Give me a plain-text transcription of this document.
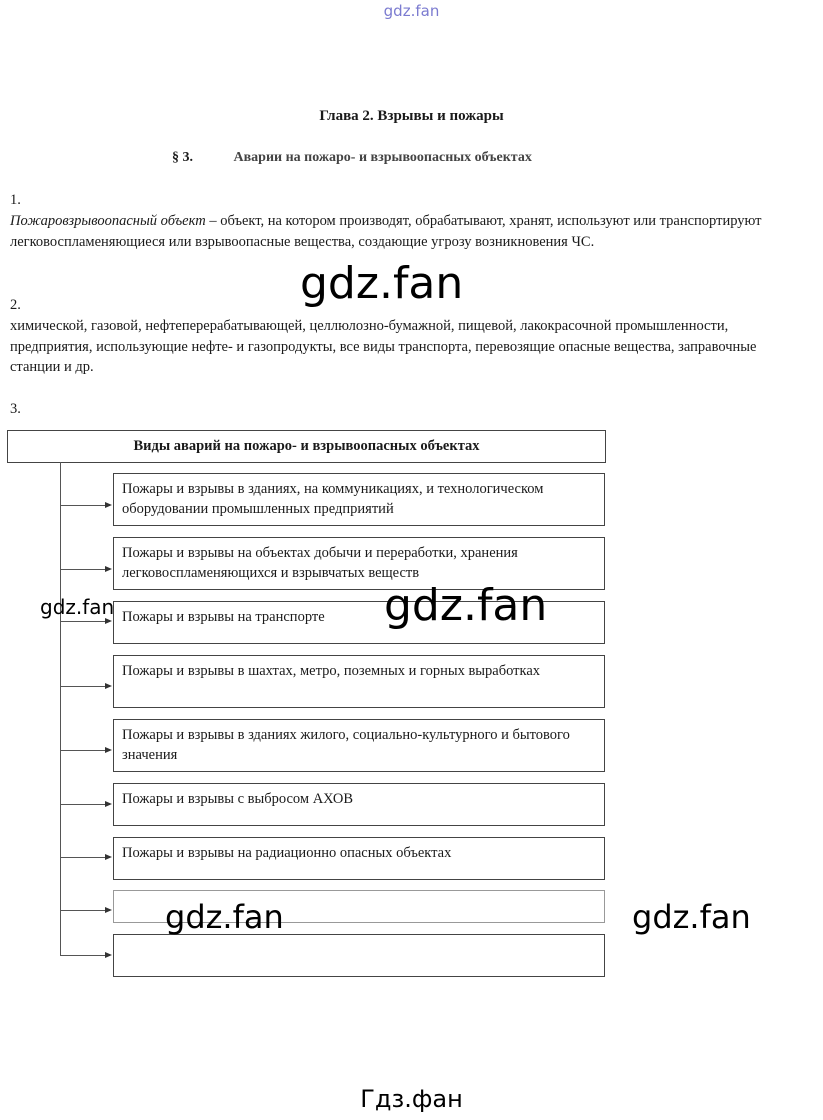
gdz.fan
Глава 2. Взрывы и пожары
§ 3.	Аварии на пожаро- и взрывоопасных объектах
1.
Пожаровзрывоопасный объект – объект, на котором производят, обрабатывают, хранят, используют или транспортируют легковоспламеняющиеся или взрывоопасные вещества, создающие угрозу возникновения ЧС.
2.
химической, газовой, нефтеперерабатывающей, целлюлозно-бумажной, пищевой, лакокрасочной промышленности, предприятия, использующие нефте- и газопродукты, все виды транспорта, перевозящие опасные вещества, заправочные станции и др.
3.
Виды аварий на пожаро- и взрывоопасных объектах
Пожары и взрывы в зданиях, на коммуникациях, и технологическом оборудовании промышленных предприятий
Пожары и взрывы на объектах добычи и переработки, хранения легковоспламеняющихся и взрывчатых веществ
Пожары и взрывы на транспорте
Пожары и взрывы в шахтах, метро, поземных и горных выработках
Пожары и взрывы в зданиях жилого, социально-культурного и бытового значения
Пожары и взрывы с выбросом АХОВ
Пожары и взрывы на радиационно опасных объектах
gdz.fan
gdz.fan
gdz.fan
gdz.fan	gdz.fan
Гдз.фан
